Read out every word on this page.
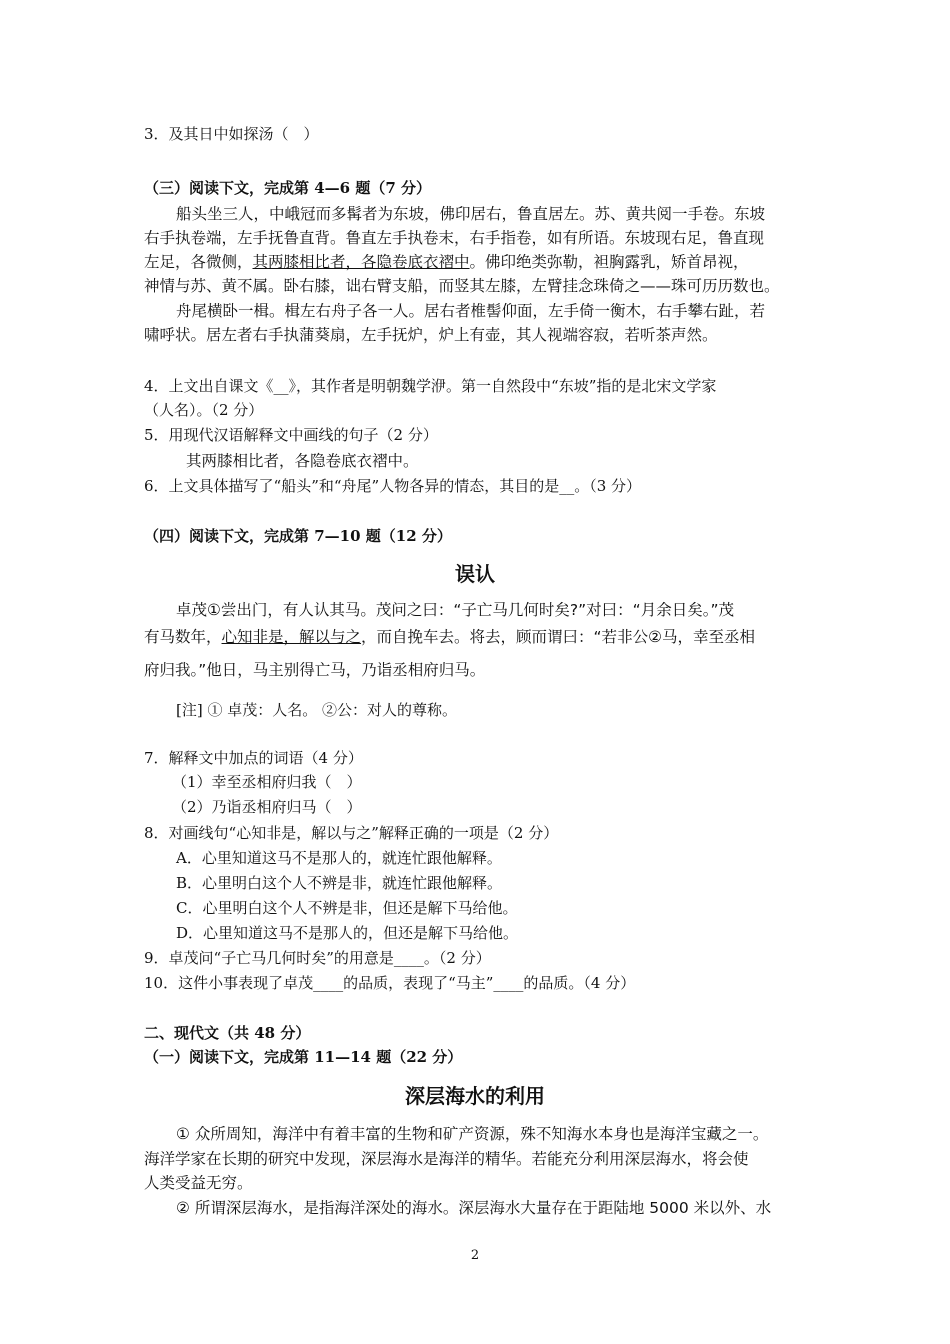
3．及其日中如探汤（　）
（三）阅读下文，完成第 4—6 题（7 分）
船头坐三人，中峨冠而多髯者为东坡，佛印居右，鲁直居左。苏、黄共阅一手卷。东坡
右手执卷端，左手抚鲁直背。鲁直左手执卷末，右手指卷，如有所语。东坡现右足，鲁直现
左足，各微侧，其两膝相比者，各隐卷底衣褶中。佛印绝类弥勒，袒胸露乳，矫首昂视，
神情与苏、黄不属。卧右膝，诎右臂支船，而竖其左膝，左臂挂念珠倚之——珠可历历数也。
舟尾横卧一楫。楫左右舟子各一人。居右者椎髻仰面，左手倚一衡木，右手攀右趾，若
啸呼状。居左者右手执蒲葵扇，左手抚炉，炉上有壶，其人视端容寂，若听茶声然。
4．上文出自课文《__》，其作者是明朝魏学洢。第一自然段中“东坡”指的是北宋文学家
（人名）。（2 分）
5．用现代汉语解释文中画线的句子（2 分）
其两膝相比者，各隐卷底衣褶中。
6．上文具体描写了“船头”和“舟尾”人物各异的情态，其目的是__。（3 分）
（四）阅读下文，完成第 7—10 题（12 分）
误认
卓茂①尝出门，有人认其马。茂问之曰：“子亡马几何时矣?”对曰：“月余日矣。”茂
有马数年，心知非是，解以与之，而自挽车去。将去，顾而谓曰：“若非公②马，幸至丞相
府归我。”他日，马主别得亡马，乃诣丞相府归马。
[注] ① 卓茂：人名。 ②公：对人的尊称。
7．解释文中加点的词语（4 分）
（1）幸至丞相府归我（　）
（2）乃诣丞相府归马（　）
8．对画线句“心知非是，解以与之”解释正确的一项是（2 分）
A．心里知道这马不是那人的，就连忙跟他解释。
B．心里明白这个人不辨是非，就连忙跟他解释。
C．心里明白这个人不辨是非，但还是解下马给他。
D．心里知道这马不是那人的，但还是解下马给他。
9．卓茂问“子亡马几何时矣”的用意是____。（2 分）
10．这件小事表现了卓茂____的品质，表现了“马主”____的品质。（4 分）
二、现代文（共 48 分）
（一）阅读下文，完成第 11—14 题（22 分）
深层海水的利用
① 众所周知，海洋中有着丰富的生物和矿产资源，殊不知海水本身也是海洋宝藏之一。
海洋学家在长期的研究中发现，深层海水是海洋的精华。若能充分利用深层海水，将会使
人类受益无穷。
② 所谓深层海水，是指海洋深处的海水。深层海水大量存在于距陆地 5000 米以外、水
2
